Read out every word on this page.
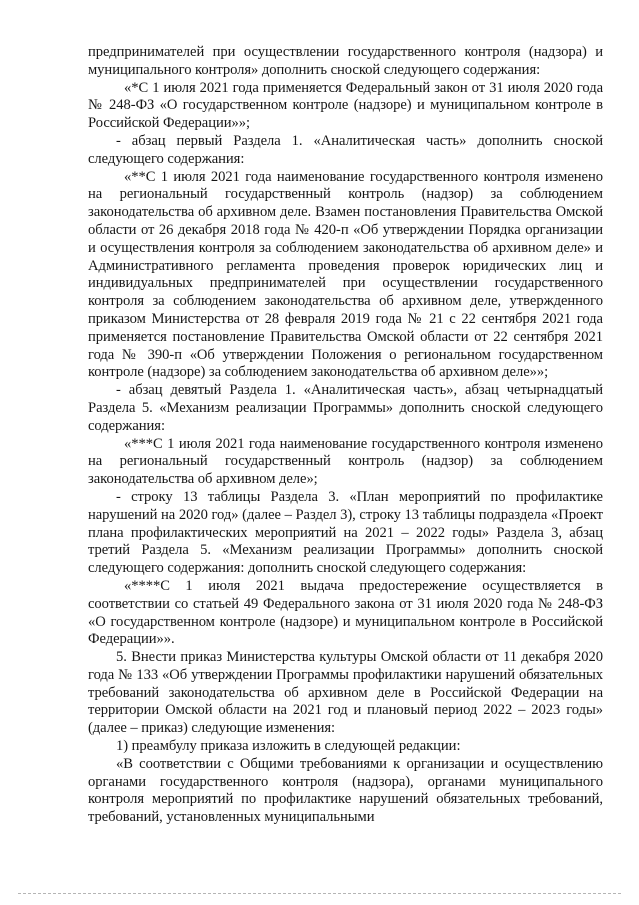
предпринимателей при осуществлении государственного контроля (надзора) и муниципального контроля» дополнить сноской следующего содержания:

«*С 1 июля 2021 года применяется Федеральный закон от 31 июля 2020 года № 248-ФЗ «О государственном контроле (надзоре) и муниципальном контроле в Российской Федерации»»;

- абзац первый Раздела 1. «Аналитическая часть» дополнить сноской следующего содержания:

«**С 1 июля 2021 года наименование государственного контроля изменено на региональный государственный контроль (надзор) за соблюдением законодательства об архивном деле. Взамен постановления Правительства Омской области от 26 декабря 2018 года № 420-п «Об утверждении Порядка организации и осуществления контроля за соблюдением законодательства об архивном деле» и Административного регламента проведения проверок юридических лиц и индивидуальных предпринимателей при осуществлении государственного контроля за соблюдением законодательства об архивном деле, утвержденного приказом Министерства от 28 февраля 2019 года № 21 с 22 сентября 2021 года применяется постановление Правительства Омской области от 22 сентября 2021 года № 390-п «Об утверждении Положения о региональном государственном контроле (надзоре) за соблюдением законодательства об архивном деле»»;

- абзац девятый Раздела 1. «Аналитическая часть», абзац четырнадцатый Раздела 5. «Механизм реализации Программы» дополнить сноской следующего содержания:

«***С 1 июля 2021 года наименование государственного контроля изменено на региональный государственный контроль (надзор) за соблюдением законодательства об архивном деле»;

- строку 13 таблицы Раздела 3. «План мероприятий по профилактике нарушений на 2020 год» (далее – Раздел 3), строку 13 таблицы подраздела «Проект плана профилактических мероприятий на 2021 – 2022 годы» Раздела 3, абзац третий Раздела 5. «Механизм реализации Программы» дополнить сноской следующего содержания: дополнить сноской следующего содержания:

«****С 1 июля 2021 выдача предостережение осуществляется в соответствии со статьей 49 Федерального закона от 31 июля 2020 года № 248-ФЗ «О государственном контроле (надзоре) и муниципальном контроле в Российской Федерации»».

5. Внести приказ Министерства культуры Омской области от 11 декабря 2020 года № 133 «Об утверждении Программы профилактики нарушений обязательных требований законодательства об архивном деле в Российской Федерации на территории Омской области на 2021 год и плановый период 2022 – 2023 годы» (далее – приказ) следующие изменения:

1) преамбулу приказа изложить в следующей редакции:

«В соответствии с Общими требованиями к организации и осуществлению органами государственного контроля (надзора), органами муниципального контроля мероприятий по профилактике нарушений обязательных требований, требований, установленных муниципальными
